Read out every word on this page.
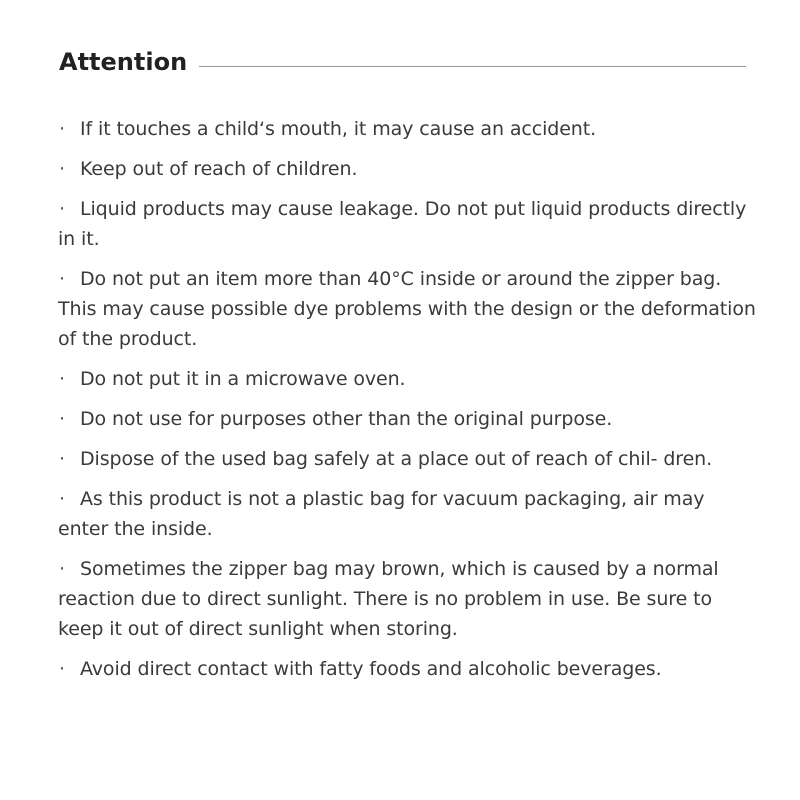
Attention
· If it touches a child‘s mouth, it may cause an accident.
· Keep out of reach of children.
· Liquid products may cause leakage. Do not put liquid products directly in it.
· Do not put an item more than 40°C inside or around the zipper bag. This may cause possible dye problems with the design or the deformation of the product.
· Do not put it in a microwave oven.
· Do not use for purposes other than the original purpose.
· Dispose of the used bag safely at a place out of reach of chil- dren.
· As this product is not a plastic bag for vacuum packaging, air may enter the inside.
· Sometimes the zipper bag may brown, which is caused by a normal reaction due to direct sunlight. There is no problem in use. Be sure to keep it out of direct sunlight when storing.
· Avoid direct contact with fatty foods and alcoholic beverages.
